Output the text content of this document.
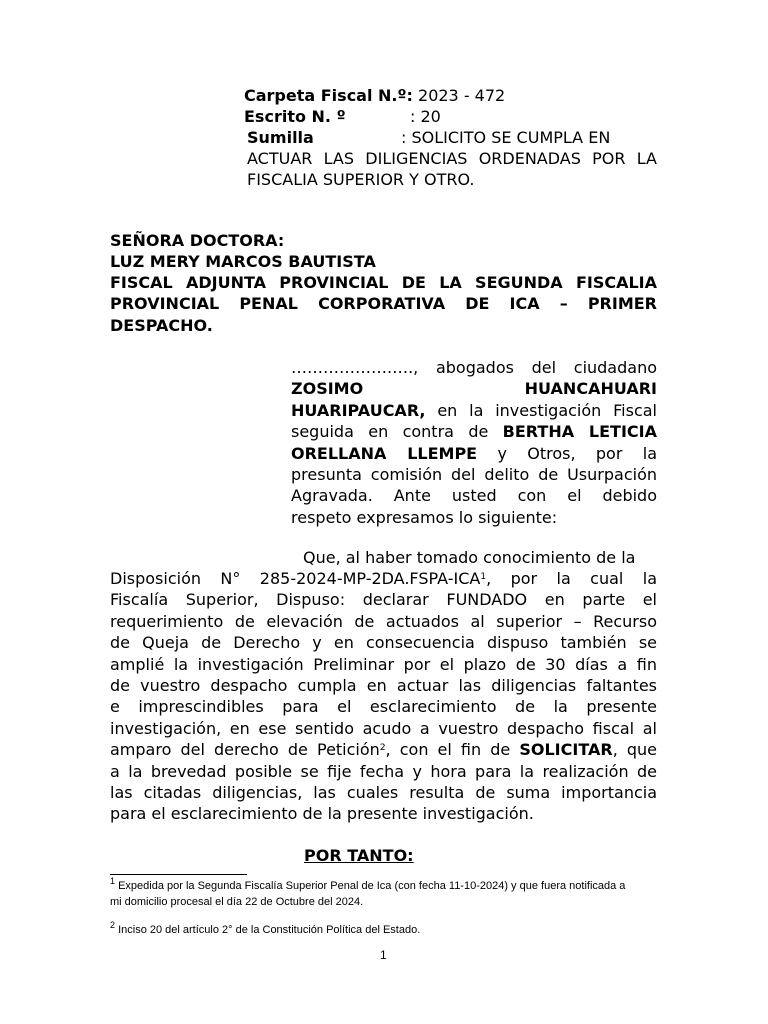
Carpeta Fiscal N.º: 2023 - 472
Escrito N. º	: 20
Sumilla	: SOLICITO SE CUMPLA EN
ACTUAR LAS DILIGENCIAS ORDENADAS POR LA
FISCALIA SUPERIOR Y OTRO.
SEÑORA DOCTORA:
LUZ MERY MARCOS BAUTISTA
FISCAL ADJUNTA PROVINCIAL DE LA SEGUNDA FISCALIA
PROVINCIAL PENAL CORPORATIVA DE ICA – PRIMER
DESPACHO.
……………….…., abogados del ciudadano
ZOSIMO	HUANCAHUARI
HUARIPAUCAR, en la investigación Fiscal
seguida en contra de BERTHA LETICIA
ORELLANA LLEMPE y Otros, por la
presunta comisión del delito de Usurpación
Agravada. Ante usted con el debido
respeto expresamos lo siguiente:
Que, al haber tomado conocimiento de la
Disposición N° 285-2024-MP-2DA.FSPA-ICA$^1$, por la cual la
Fiscalía Superior, Dispuso: declarar FUNDADO en parte el
requerimiento de elevación de actuados al superior – Recurso
de Queja de Derecho y en consecuencia dispuso también se
amplié la investigación Preliminar por el plazo de 30 días a fin
de vuestro despacho cumpla en actuar las diligencias faltantes
e imprescindibles para el esclarecimiento de la presente
investigación, en ese sentido acudo a vuestro despacho fiscal al
amparo del derecho de Petición$^2$, con el fin de SOLICITAR, que
a la brevedad posible se fije fecha y hora para la realización de
las citadas diligencias, las cuales resulta de suma importancia
para el esclarecimiento de la presente investigación.
POR TANTO:
$^1$ Expedida por la Segunda Fiscalía Superior Penal de Ica (con fecha 11-10-2024) y que fuera notificada a
mi domicilio procesal el día 22 de Octubre del 2024.
$^2$ Inciso 20 del artículo 2° de la Constitución Política del Estado.
1
